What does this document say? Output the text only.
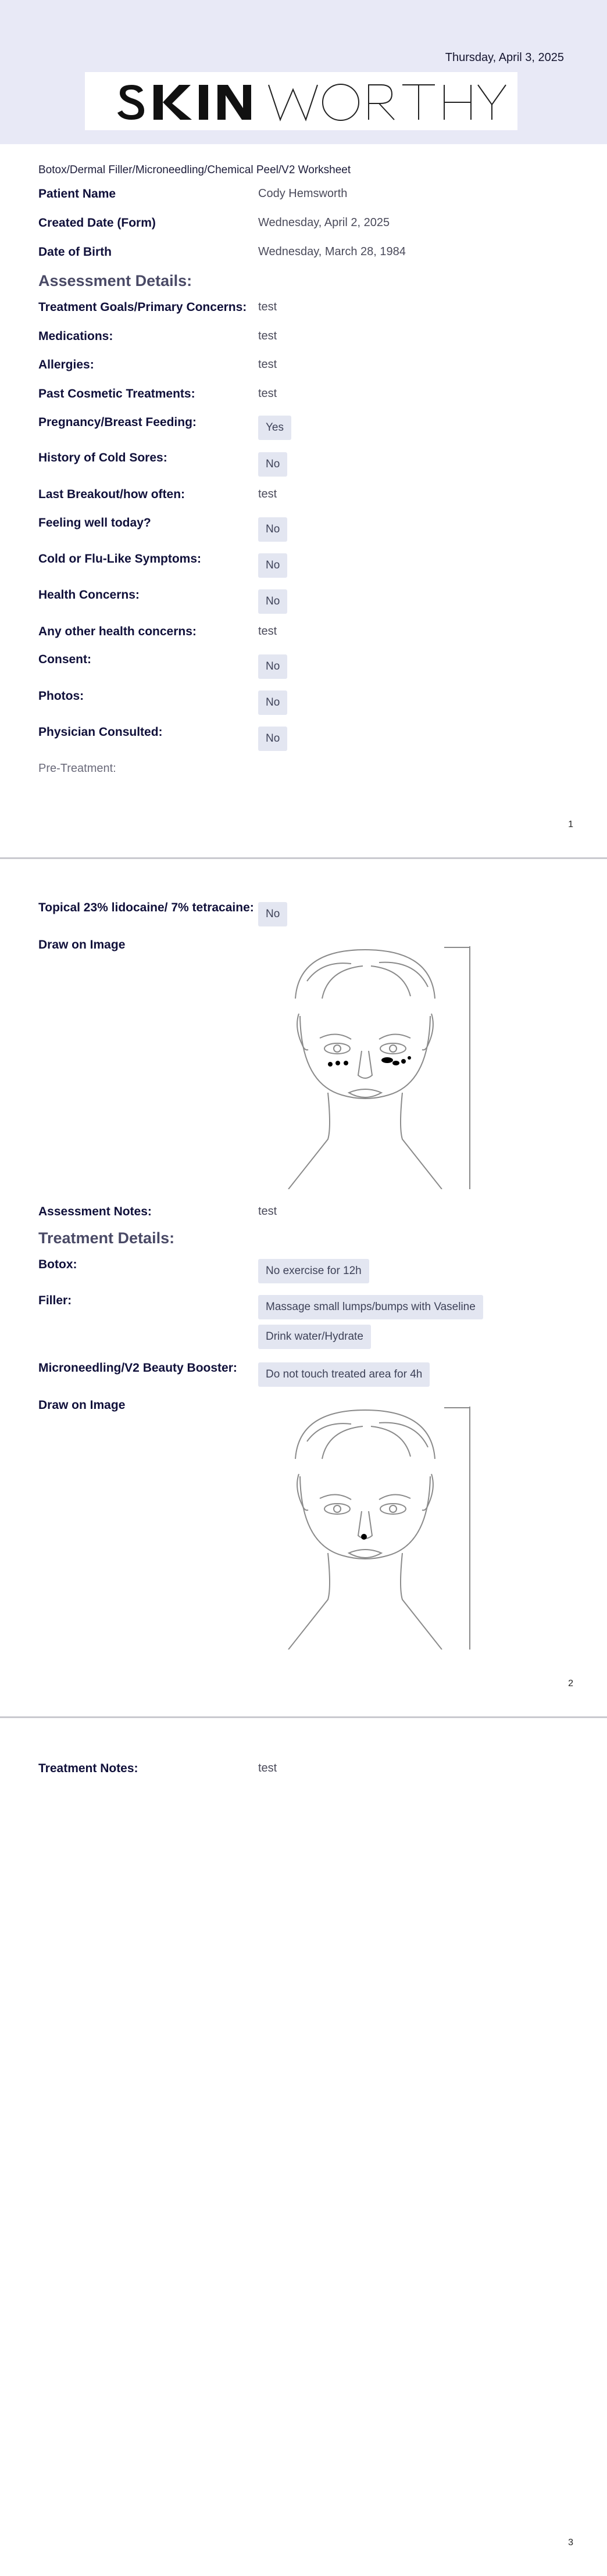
Thursday, April 3, 2025
Botox/Dermal Filler/Microneedling/Chemical Peel/V2 Worksheet
Patient Name	Cody Hemsworth
Created Date (Form)	Wednesday, April 2, 2025
Date of Birth	Wednesday, March 28, 1984
Assessment Details:
Treatment Goals/Primary Concerns: test
Medications:	test
Allergies:	test
Past Cosmetic Treatments:	test
Pregnancy/Breast Feeding:	Yes
History of Cold Sores:	No
Last Breakout/how often:	test
Feeling well today?	No
Cold or Flu-Like Symptoms:	No
Health Concerns:	No
Any other health concerns:	test
Consent:
No
Photos:	No
Physician Consulted:	No
Pre-Treatment:
1
Topical 23% lidocaine/ 7% tetracaine:	No
Draw on Image
Assessment Notes:	test
Treatment Details:
Botox:	No exercise for 12h
Filler:	Massage small lumps/bumps with Vaseline
Drink water/Hydrate
Microneedling/V2 Beauty Booster:	Do not touch treated area for 4h
Draw on Image
2
Treatment Notes:	test
3
